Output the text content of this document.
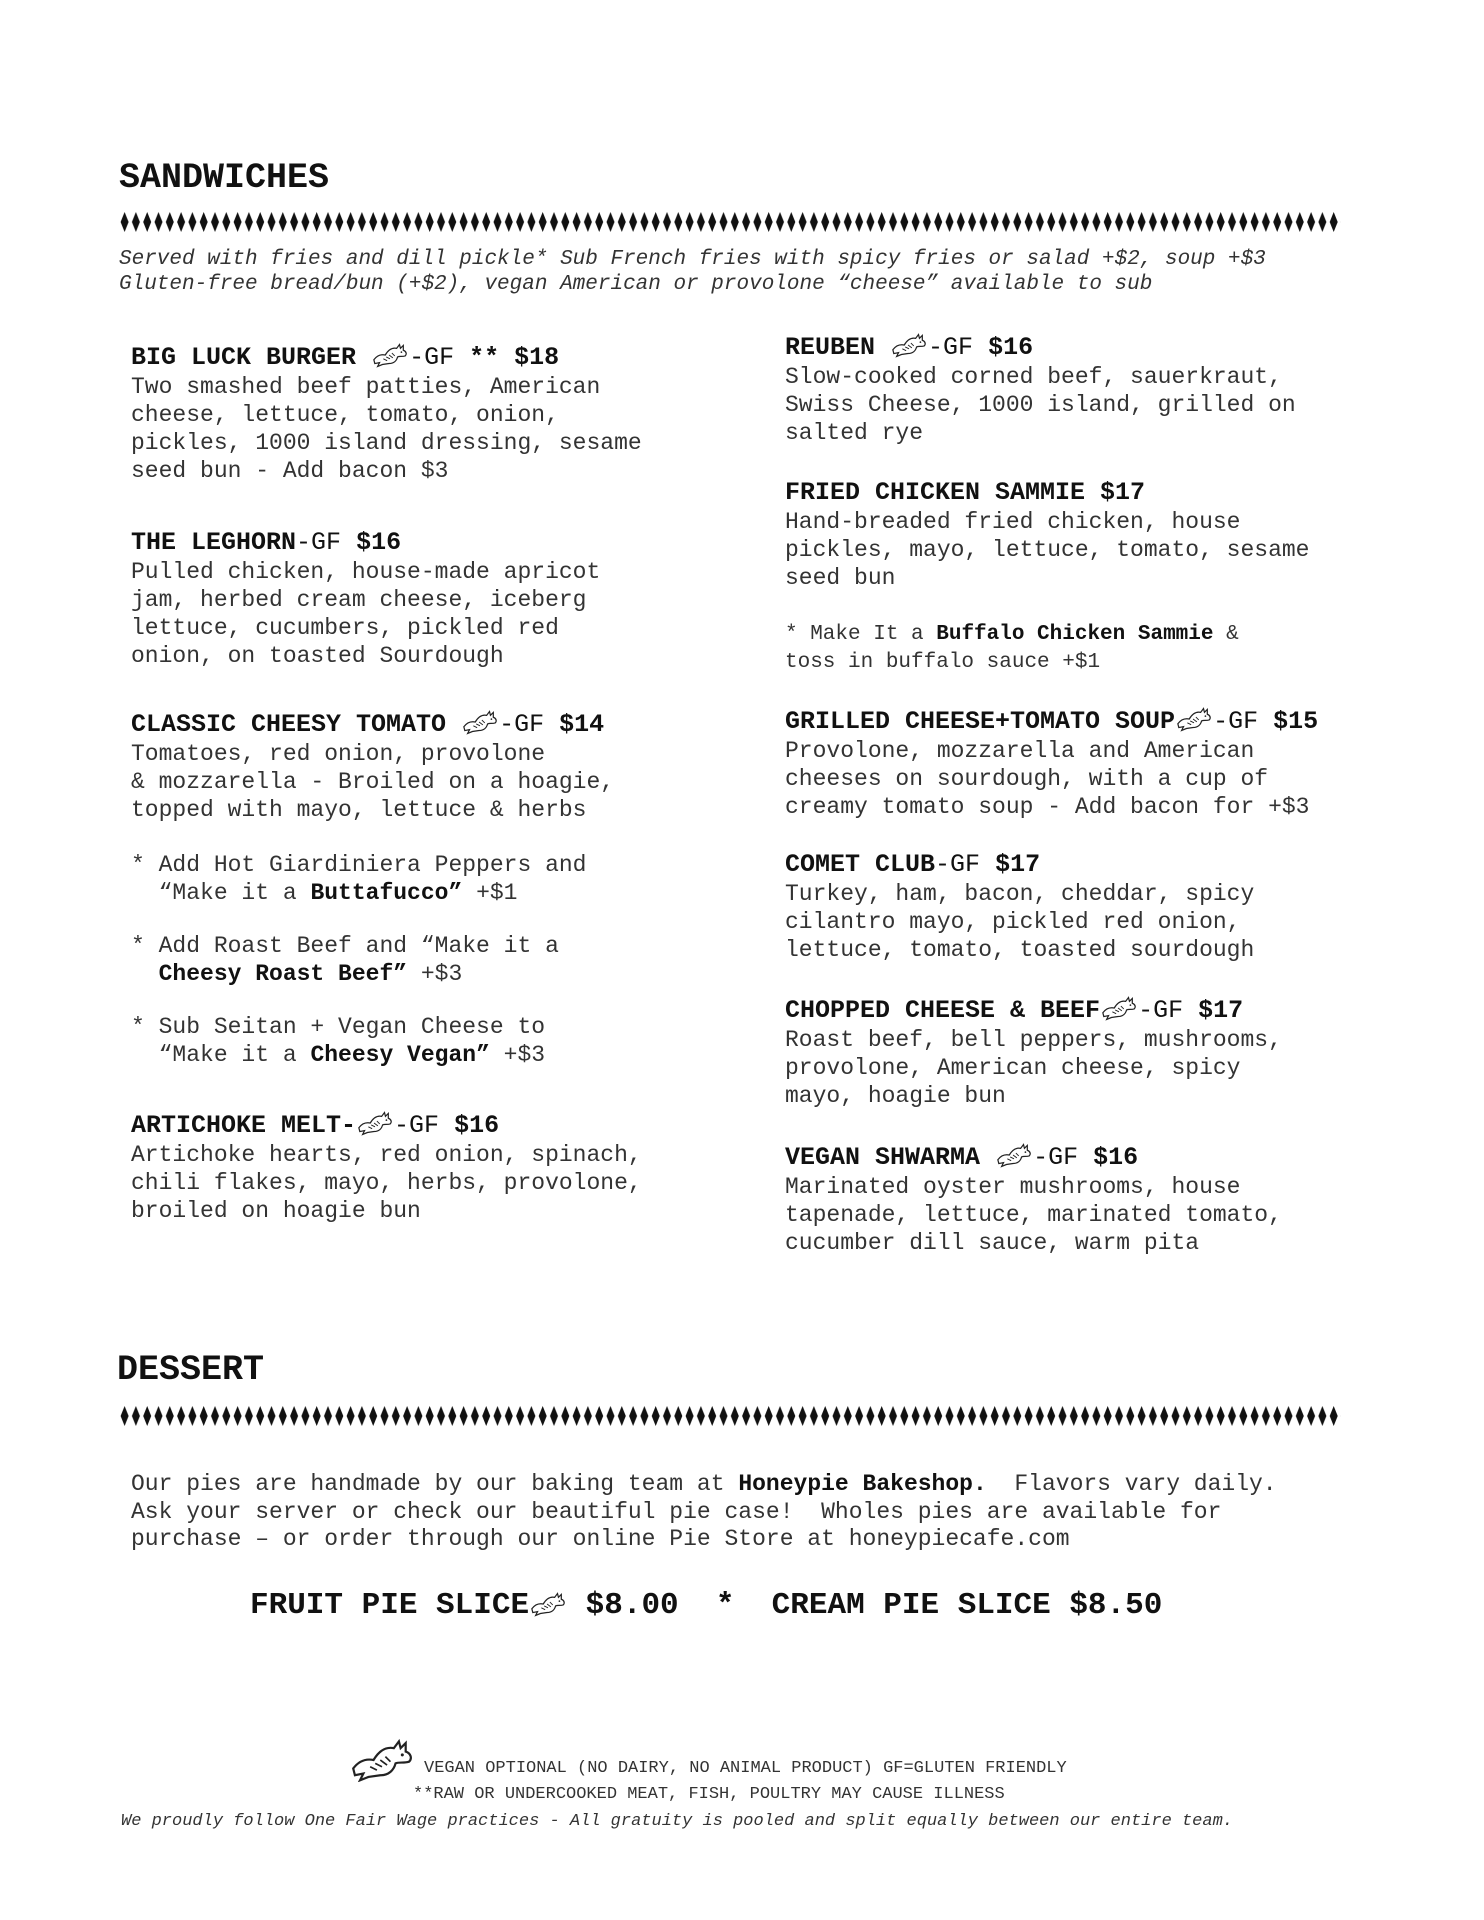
SANDWICHES
Served with fries and dill pickle* Sub French fries with spicy fries or salad +$2, soup +$3
Gluten-free bread/bun (+$2), vegan American or provolone “cheese” available to sub
BIG LUCK BURGER -GF ** $18
Two smashed beef patties, American
cheese, lettuce, tomato, onion,
pickles, 1000 island dressing, sesame
seed bun - Add bacon $3
THE LEGHORN-GF $16
Pulled chicken, house-made apricot
jam, herbed cream cheese, iceberg
lettuce, cucumbers, pickled red
onion, on toasted Sourdough
CLASSIC CHEESY TOMATO -GF $14
Tomatoes, red onion, provolone
& mozzarella - Broiled on a hoagie,
topped with mayo, lettuce & herbs
* Add Hot Giardiniera Peppers and
“Make it a Buttafucco” +$1
* Add Roast Beef and “Make it a
Cheesy Roast Beef” +$3
* Sub Seitan + Vegan Cheese to
“Make it a Cheesy Vegan” +$3
ARTICHOKE MELT- -GF $16
Artichoke hearts, red onion, spinach,
chili flakes, mayo, herbs, provolone,
broiled on hoagie bun
REUBEN -GF $16
Slow-cooked corned beef, sauerkraut,
Swiss Cheese, 1000 island, grilled on
salted rye
FRIED CHICKEN SAMMIE $17
Hand-breaded fried chicken, house
pickles, mayo, lettuce, tomato, sesame
seed bun
* Make It a Buffalo Chicken Sammie &
toss in buffalo sauce +$1
GRILLED CHEESE+TOMATO SOUP -GF $15
Provolone, mozzarella and American
cheeses on sourdough, with a cup of
creamy tomato soup - Add bacon for +$3
COMET CLUB-GF $17
Turkey, ham, bacon, cheddar, spicy
cilantro mayo, pickled red onion,
lettuce, tomato, toasted sourdough
CHOPPED CHEESE & BEEF -GF $17
Roast beef, bell peppers, mushrooms,
provolone, American cheese, spicy
mayo, hoagie bun
VEGAN SHWARMA -GF $16
Marinated oyster mushrooms, house
tapenade, lettuce, marinated tomato,
cucumber dill sauce, warm pita
DESSERT
Our pies are handmade by our baking team at Honeypie Bakeshop.  Flavors vary daily.
Ask your server or check our beautiful pie case!  Wholes pies are available for
purchase – or order through our online Pie Store at honeypiecafe.com
FRUIT PIE SLICE $8.00  *  CREAM PIE SLICE $8.50
VEGAN OPTIONAL (NO DAIRY, NO ANIMAL PRODUCT) GF=GLUTEN FRIENDLY
**RAW OR UNDERCOOKED MEAT, FISH, POULTRY MAY CAUSE ILLNESS
We proudly follow One Fair Wage practices - All gratuity is pooled and split equally between our entire team.
